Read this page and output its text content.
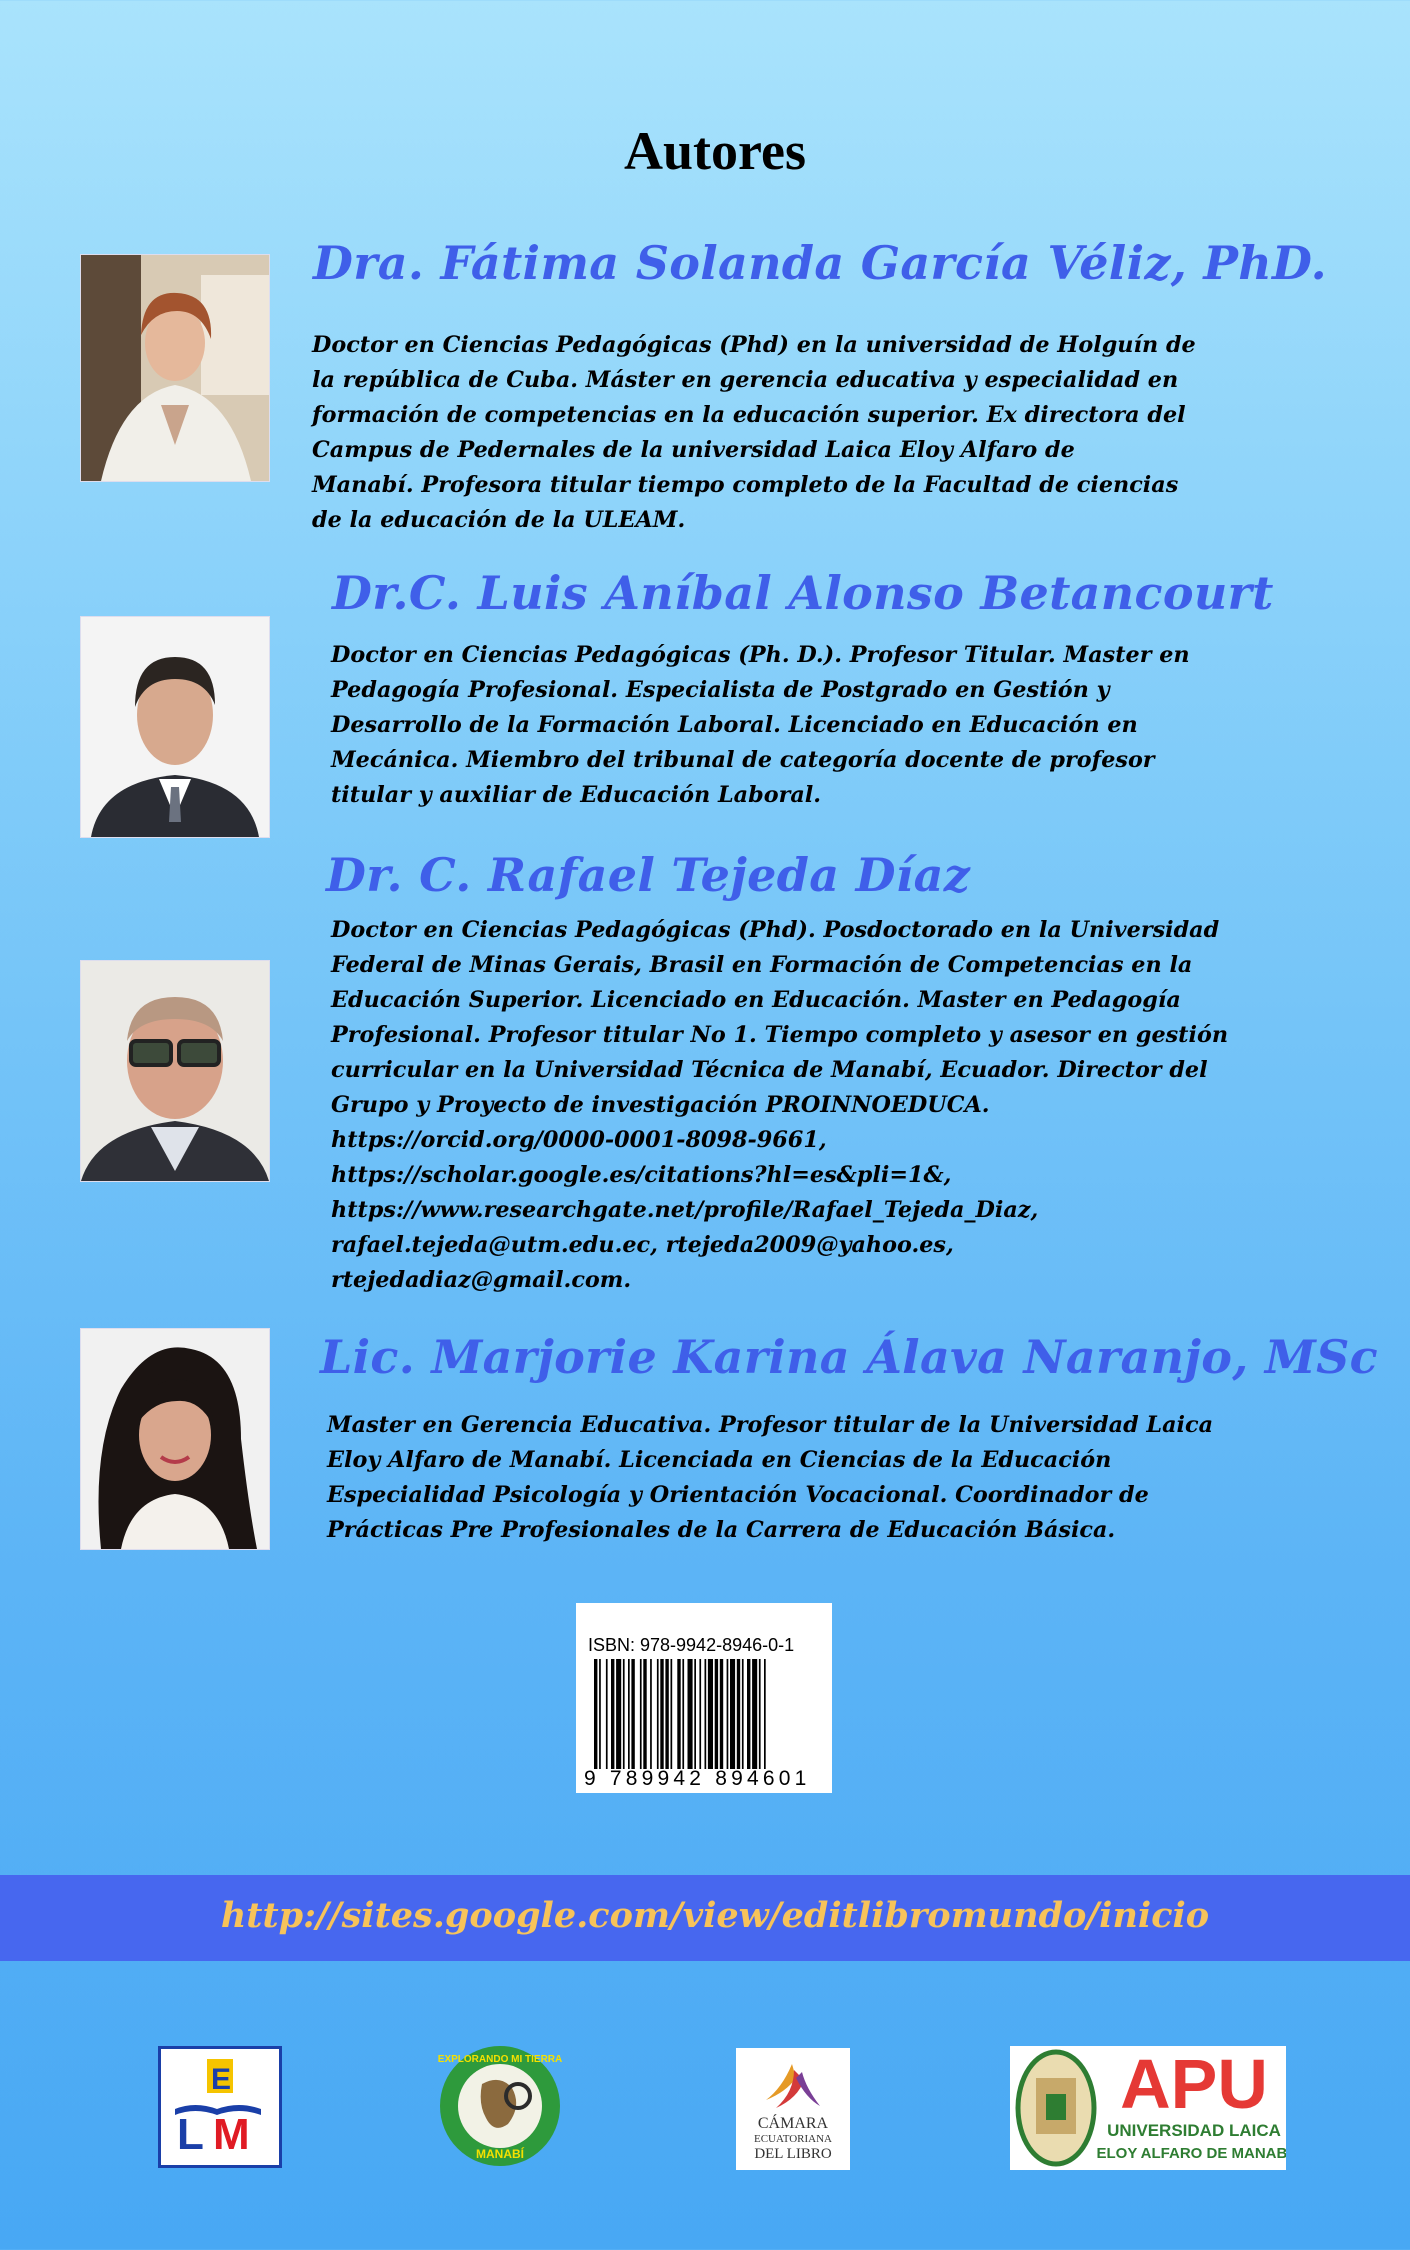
Autores
Dra. Fátima Solanda García Véliz, PhD.

Doctor en Ciencias Pedagógicas (Phd) en la universidad de Holguín de
la república de Cuba. Máster en gerencia educativa y especialidad en
formación de competencias en la educación superior. Ex directora del
Campus de Pedernales de la universidad Laica Eloy Alfaro de
Manabí. Profesora titular tiempo completo de la Facultad de ciencias
de la educación de la ULEAM.

Dr.C. Luis Aníbal Alonso Betancourt

Doctor en Ciencias Pedagógicas (Ph. D.). Profesor Titular. Master en
Pedagogía Profesional. Especialista de Postgrado en Gestión y
Desarrollo de la Formación Laboral. Licenciado en Educación en
Mecánica. Miembro del tribunal de categoría docente de profesor
titular y auxiliar de Educación Laboral.

Dr. C. Rafael Tejeda Díaz

Doctor en Ciencias Pedagógicas (Phd). Posdoctorado en la Universidad
Federal de Minas Gerais, Brasil en Formación de Competencias en la
Educación Superior. Licenciado en Educación. Master en Pedagogía
Profesional. Profesor titular No 1. Tiempo completo y asesor en gestión
curricular en la Universidad Técnica de Manabí, Ecuador. Director del
Grupo y Proyecto de investigación PROINNOEDUCA.
https://orcid.org/0000-0001-8098-9661,
https://scholar.google.es/citations?hl=es&pli=1&,
https://www.researchgate.net/profile/Rafael_Tejeda_Diaz,
rafael.tejeda@utm.edu.ec, rtejeda2009@yahoo.es,
rtejedadiaz@gmail.com.

Lic. Marjorie Karina Álava Naranjo, MSc

Master en Gerencia Educativa. Profesor titular de la Universidad Laica
Eloy Alfaro de Manabí. Licenciada en Ciencias de la Educación
Especialidad Psicología y Orientación Vocacional. Coordinador de
Prácticas Pre Profesionales de la Carrera de Educación Básica.

ISBN: 978-9942-8946-0-1
9 789942 894601
http://sites.google.com/view/editlibromundo/inicio
E
L M
EXPLORANDO MI TIERRA
MANABÍ
CÁMARA
ECUATORIANA
DEL LIBRO
APU
UNIVERSIDAD LAICA
ELOY ALFARO DE MANABÍ
